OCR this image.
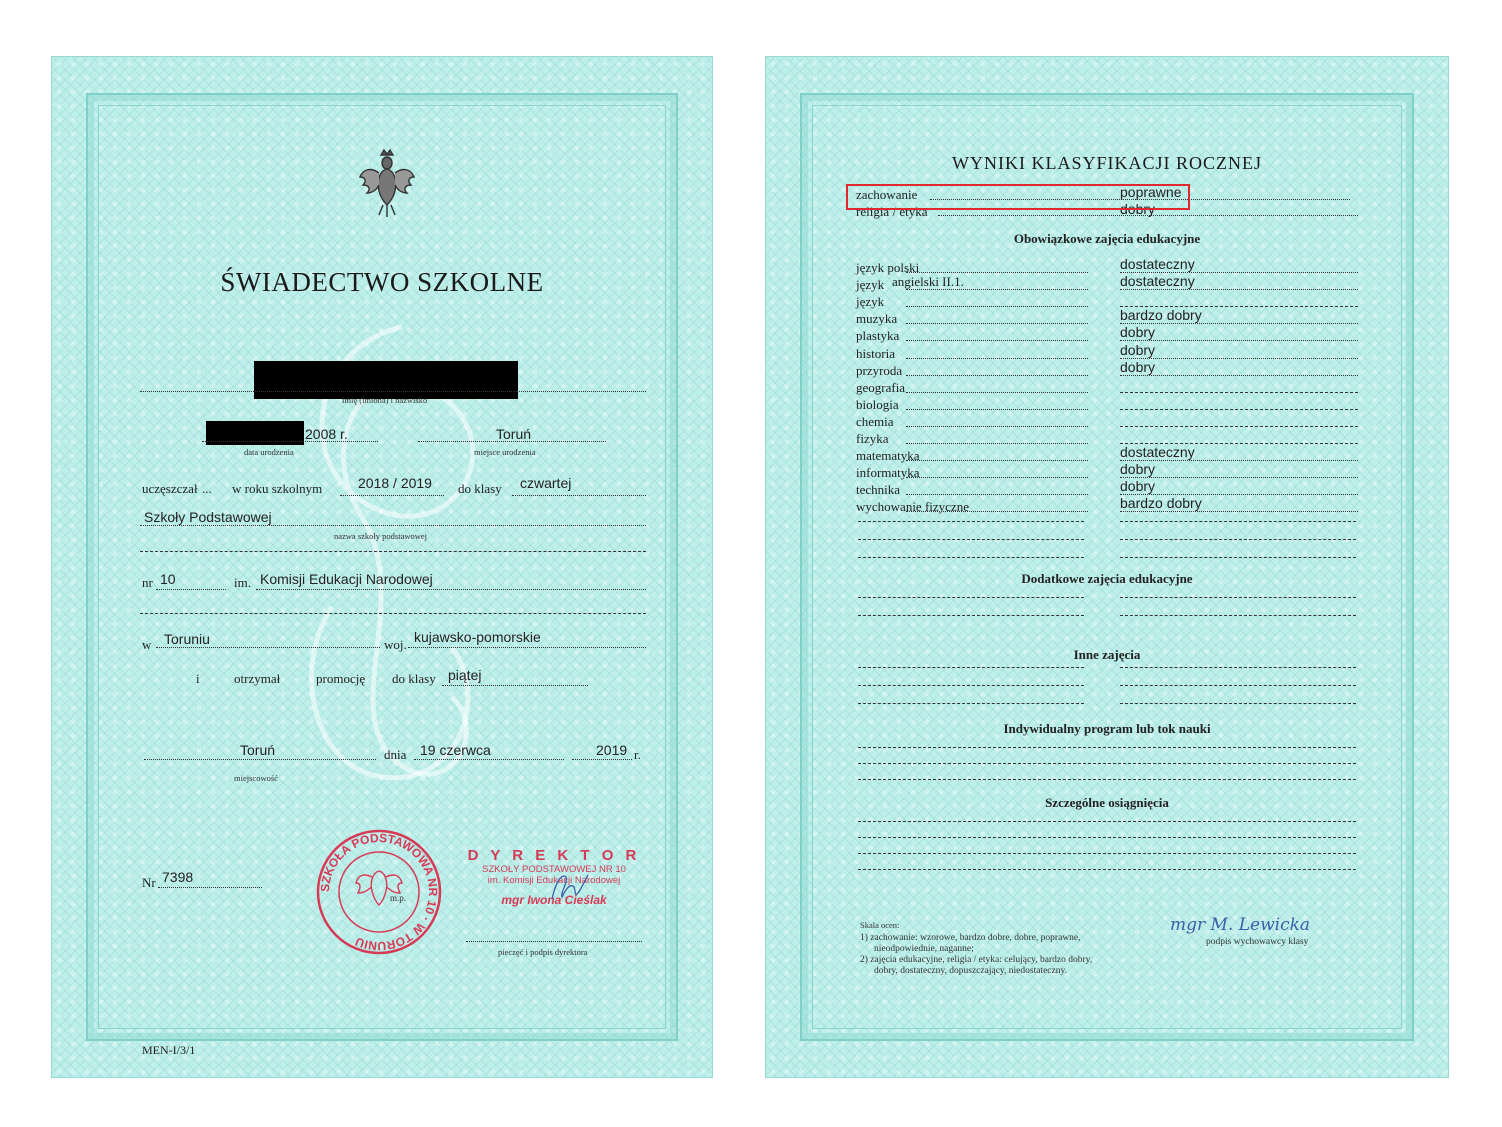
ŚWIADECTWO SZKOLNE
imię (imiona) i nazwisko
2008 r.
data urodzenia
Toruń
miejsce urodzenia
uczęszczał ... w roku szkolnym	2018 / 2019 do klasy czwartej
Szkoły Podstawowej
nazwa szkoły podstawowej
nr 10	im. Komisji Edukacji Narodowej
w Toruniu	woj. kujawsko-pomorskie
i	otrzymał	promocję do klasy piątej
Toruń	dnia 19 czerwca	2019 r.
miejscowość
SZKOŁA PODSTAWOWA NR 10 · W TORUNIU
m.p.
D Y R E K T O R
SZKOŁY PODSTAWOWEJ NR 10
im. Komisji Edukacji Narodowej
mgr Iwona Cieślak
pieczęć i podpis dyrektora
Nr 7398
MEN-I/3/1
WYNIKI KLASYFIKACJI ROCZNEJ
zachowanie	poprawne
religia / etyka	dobry
Obowiązkowe zajęcia edukacyjne
język polski	dostateczny
język angielski II.1.	dostateczny
język
muzyka	bardzo dobry
plastyka	dobry
historia	dobry
przyroda	dobry
geografia
biologia
chemia
fizyka
matematyka	dostateczny
informatyka	dobry
technika	dobry
wychowanie fizyczne	bardzo dobry
Dodatkowe zajęcia edukacyjne
Inne zajęcia
Indywidualny program lub tok nauki
Szczególne osiągnięcia
Skala ocen:
1) zachowanie: wzorowe, bardzo dobre, dobre, poprawne,
nieodpowiednie, naganne;
2) zajęcia edukacyjne, religia / etyka: celujący, bardzo dobry,
dobry, dostateczny, dopuszczający, niedostateczny.
mgr M. Lewicka
podpis wychowawcy klasy
